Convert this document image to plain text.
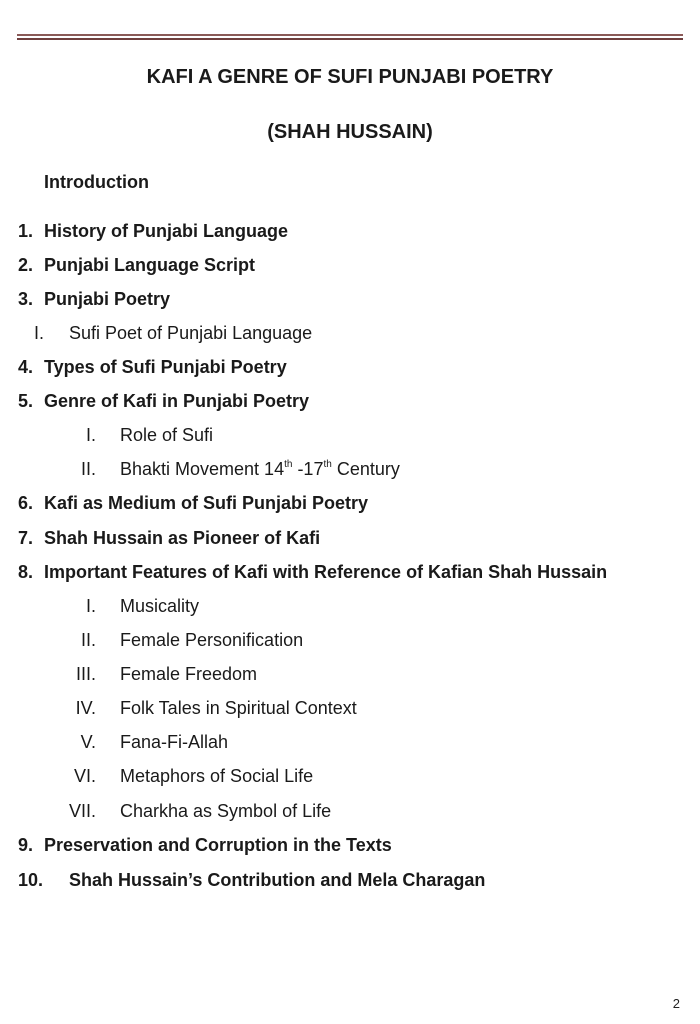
KAFI A GENRE OF SUFI PUNJABI POETRY
(SHAH HUSSAIN)
Introduction
1. History of Punjabi Language
2. Punjabi Language Script
3. Punjabi Poetry
I. Sufi Poet of Punjabi Language
4. Types of Sufi Punjabi Poetry
5. Genre of Kafi in Punjabi Poetry
I. Role of Sufi
II. Bhakti Movement 14th -17th Century
6. Kafi as Medium of Sufi Punjabi Poetry
7. Shah Hussain as Pioneer of Kafi
8. Important Features of Kafi with Reference of Kafian Shah Hussain
I. Musicality
II. Female Personification
III. Female Freedom
IV. Folk Tales in Spiritual Context
V. Fana-Fi-Allah
VI. Metaphors of Social Life
VII. Charkha as Symbol of Life
9. Preservation and Corruption in the Texts
10. Shah Hussain’s Contribution and Mela Charagan
2
